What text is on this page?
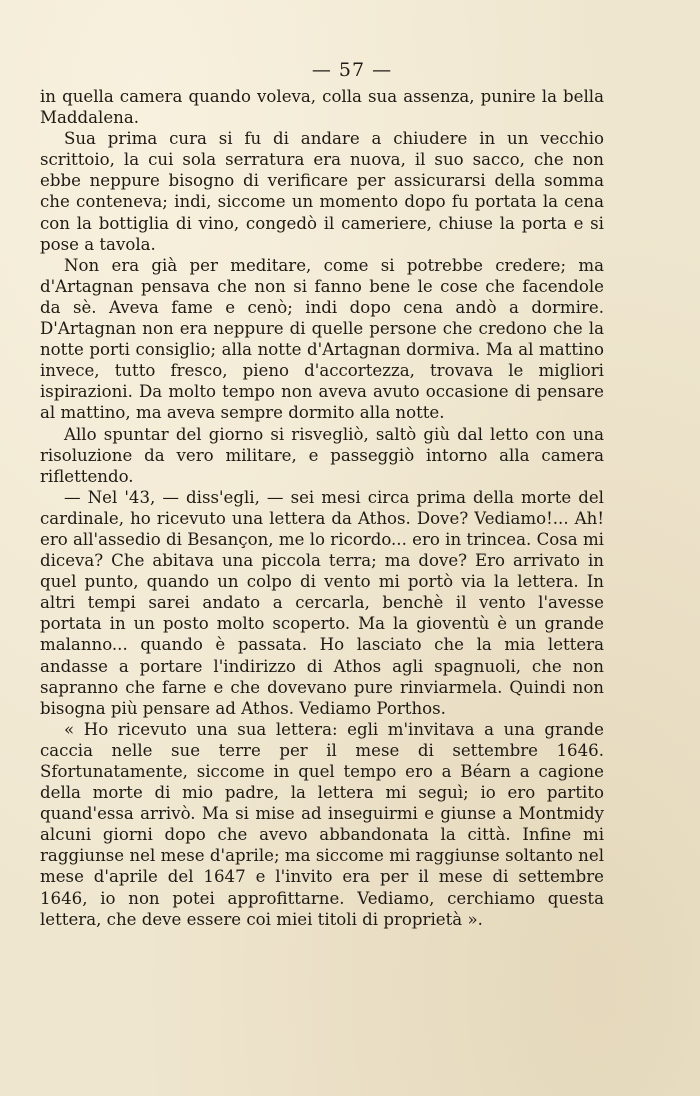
— 57 —

in quella camera quando voleva, colla sua assenza, punire la bella Maddalena.

Sua prima cura si fu di andare a chiudere in un vecchio scrittoio, la cui sola serratura era nuova, il suo sacco, che non ebbe neppure bisogno di verificare per assicurarsi della somma che conteneva; indi, siccome un momento dopo fu portata la cena con la bottiglia di vino, congedò il cameriere, chiuse la porta e si pose a tavola.

Non era già per meditare, come si potrebbe credere; ma d'Artagnan pensava che non si fanno bene le cose che facendole da sè. Aveva fame e cenò; indi dopo cena andò a dormire. D'Artagnan non era neppure di quelle persone che credono che la notte porti consiglio; alla notte d'Artagnan dormiva. Ma al mattino invece, tutto fresco, pieno d'accortezza, trovava le migliori ispirazioni. Da molto tempo non aveva avuto occasione di pensare al mattino, ma aveva sempre dormito alla notte.

Allo spuntar del giorno si risvegliò, saltò giù dal letto con una risoluzione da vero militare, e passeggiò intorno alla camera riflettendo.

— Nel '43, — diss'egli, — sei mesi circa prima della morte del cardinale, ho ricevuto una lettera da Athos. Dove? Vediamo!... Ah! ero all'assedio di Besançon, me lo ricordo... ero in trincea. Cosa mi diceva? Che abitava una piccola terra; ma dove? Ero arrivato in quel punto, quando un colpo di vento mi portò via la lettera. In altri tempi sarei andato a cercarla, benchè il vento l'avesse portata in un posto molto scoperto. Ma la gioventù è un grande malanno... quando è passata. Ho lasciato che la mia lettera andasse a portare l'indirizzo di Athos agli spagnuoli, che non sapranno che farne e che dovevano pure rinviarmela. Quindi non bisogna più pensare ad Athos. Vediamo Porthos.

« Ho ricevuto una sua lettera: egli m'invitava a una grande caccia nelle sue terre per il mese di settembre 1646. Sfortunatamente, siccome in quel tempo ero a Béarn a cagione della morte di mio padre, la lettera mi seguì; io ero partito quand'essa arrivò. Ma si mise ad inseguirmi e giunse a Montmidy alcuni giorni dopo che avevo abbandonata la città. Infine mi raggiunse nel mese d'aprile; ma siccome mi raggiunse soltanto nel mese d'aprile del 1647 e l'invito era per il mese di settembre 1646, io non potei approfittarne. Vediamo, cerchiamo questa lettera, che deve essere coi miei titoli di proprietà ».
